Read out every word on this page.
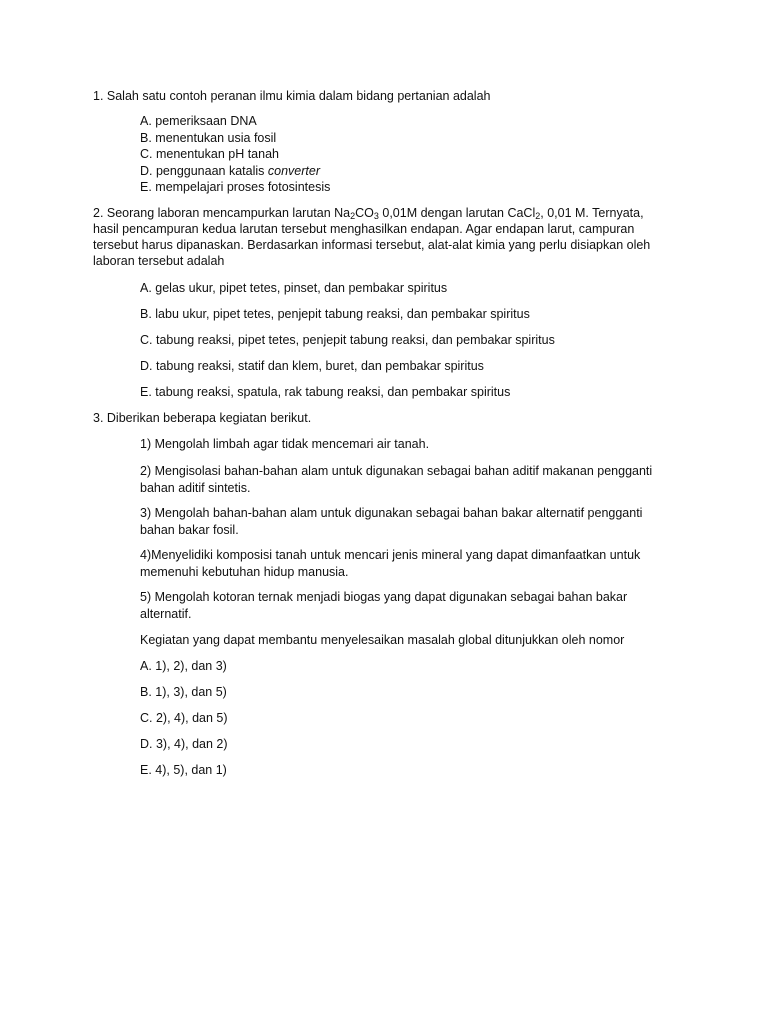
1. Salah satu contoh peranan ilmu kimia dalam bidang pertanian adalah
A. pemeriksaan DNA
B. menentukan usia fosil
C. menentukan pH tanah
D. penggunaan katalis converter
E. mempelajari proses fotosintesis
2. Seorang laboran mencampurkan larutan $Na_2CO_3$ 0,01M dengan larutan CaCl$_2$, 0,01 M. Ternyata,
hasil pencampuran kedua larutan tersebut menghasilkan endapan. Agar endapan larut, campuran
tersebut harus dipanaskan. Berdasarkan informasi tersebut, alat-alat kimia yang perlu disiapkan oleh
laboran tersebut adalah
A. gelas ukur, pipet tetes, pinset, dan pembakar spiritus
B. labu ukur, pipet tetes, penjepit tabung reaksi, dan pembakar spiritus
C. tabung reaksi, pipet tetes, penjepit tabung reaksi, dan pembakar spiritus
D. tabung reaksi, statif dan klem, buret, dan pembakar spiritus
E. tabung reaksi, spatula, rak tabung reaksi, dan pembakar spiritus
3. Diberikan beberapa kegiatan berikut.
1) Mengolah limbah agar tidak mencemari air tanah.
2) Mengisolasi bahan-bahan alam untuk digunakan sebagai bahan aditif makanan pengganti
bahan aditif sintetis.
3) Mengolah bahan-bahan alam untuk digunakan sebagai bahan bakar alternatif pengganti
bahan bakar fosil.
4)Menyelidiki komposisi tanah untuk mencari jenis mineral yang dapat dimanfaatkan untuk
memenuhi kebutuhan hidup manusia.
5) Mengolah kotoran ternak menjadi biogas yang dapat digunakan sebagai bahan bakar
alternatif.
Kegiatan yang dapat membantu menyelesaikan masalah global ditunjukkan oleh nomor
A. 1), 2), dan 3)
B. 1), 3), dan 5)
C. 2), 4), dan 5)
D. 3), 4), dan 2)
E. 4), 5), dan 1)
